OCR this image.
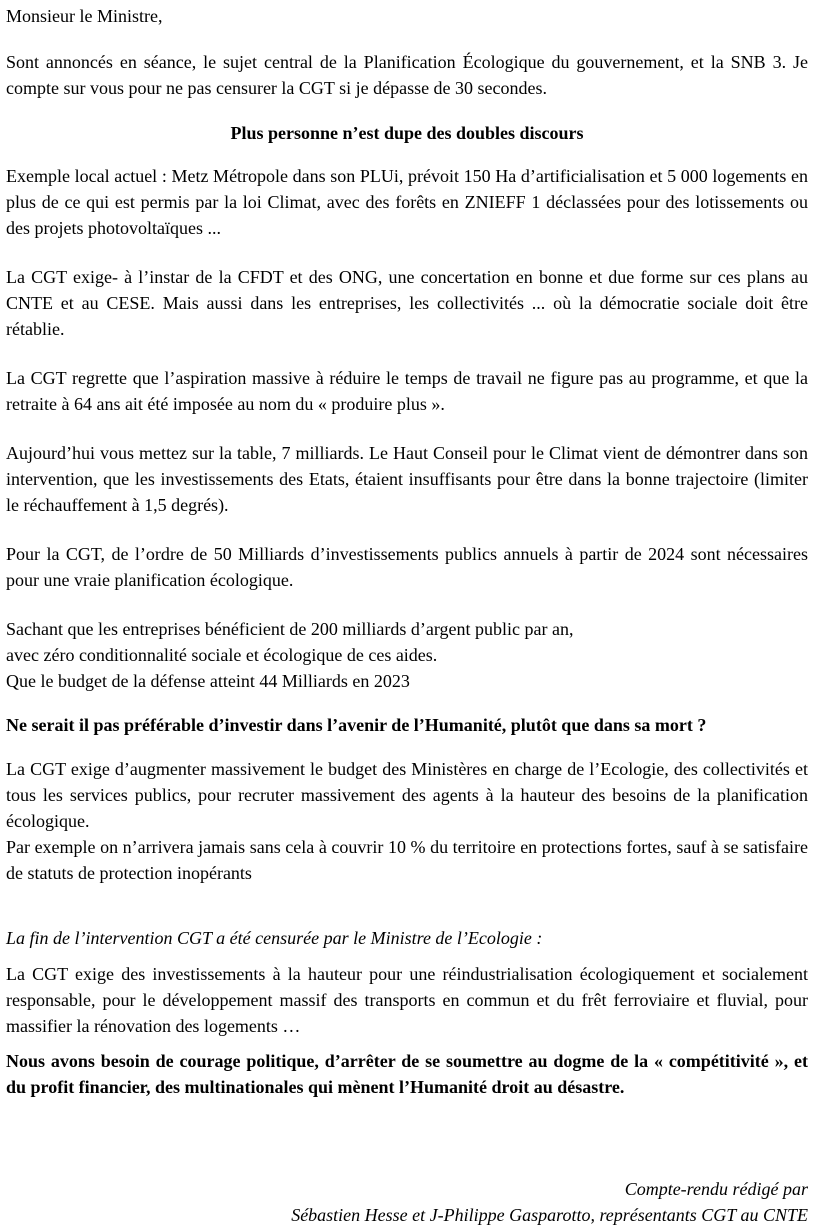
Monsieur le Ministre,

Sont annoncés en séance, le sujet central de la Planification Écologique du gouvernement, et la SNB 3. Je compte sur vous pour ne pas censurer la CGT si je dépasse de 30 secondes.

Plus personne n’est dupe des doubles discours

Exemple local actuel : Metz Métropole dans son PLUi, prévoit 150 Ha d’artificialisation et 5 000 logements en plus de ce qui est permis par la loi Climat, avec des forêts en ZNIEFF 1 déclassées pour des lotissements ou des projets photovoltaïques ...

La CGT exige- à l’instar de la CFDT et des ONG, une concertation en bonne et due forme sur ces plans au CNTE et au CESE. Mais aussi dans les entreprises, les collectivités ... où la démocratie sociale doit être rétablie.

La CGT regrette que l’aspiration massive à réduire le temps de travail ne figure pas au programme, et que la retraite à 64 ans ait été imposée au nom du « produire plus ».

Aujourd’hui vous mettez sur la table, 7 milliards. Le Haut Conseil pour le Climat vient de démontrer dans son intervention, que les investissements des Etats, étaient insuffisants pour être dans la bonne trajectoire (limiter le réchauffement à 1,5 degrés).

Pour la CGT, de l’ordre de 50 Milliards d’investissements publics annuels à partir de 2024 sont nécessaires pour une vraie planification écologique.

Sachant que les entreprises bénéficient de 200 milliards d’argent public par an,

avec zéro conditionnalité sociale et écologique de ces aides.

Que le budget de la défense atteint 44 Milliards en 2023

Ne serait il pas préférable d’investir dans l’avenir de l’Humanité, plutôt que dans sa mort ?

La CGT exige d’augmenter massivement le budget des Ministères en charge de l’Ecologie, des collectivités et tous les services publics, pour recruter massivement des agents à la hauteur des besoins de la planification écologique.

Par exemple on n’arrivera jamais sans cela à couvrir 10 % du territoire en protections fortes, sauf à se satisfaire de statuts de protection inopérants

La fin de l’intervention CGT a été censurée par le Ministre de l’Ecologie :

La CGT exige des investissements à la hauteur pour une réindustrialisation écologiquement et socialement responsable, pour le développement massif des transports en commun et du frêt ferroviaire et fluvial, pour massifier la rénovation des logements …

Nous avons besoin de courage politique, d’arrêter de se soumettre au dogme de la « compétitivité », et du profit financier, des multinationales qui mènent l’Humanité droit au désastre.

Compte-rendu rédigé par

Sébastien Hesse et J-Philippe Gasparotto, représentants CGT au CNTE
